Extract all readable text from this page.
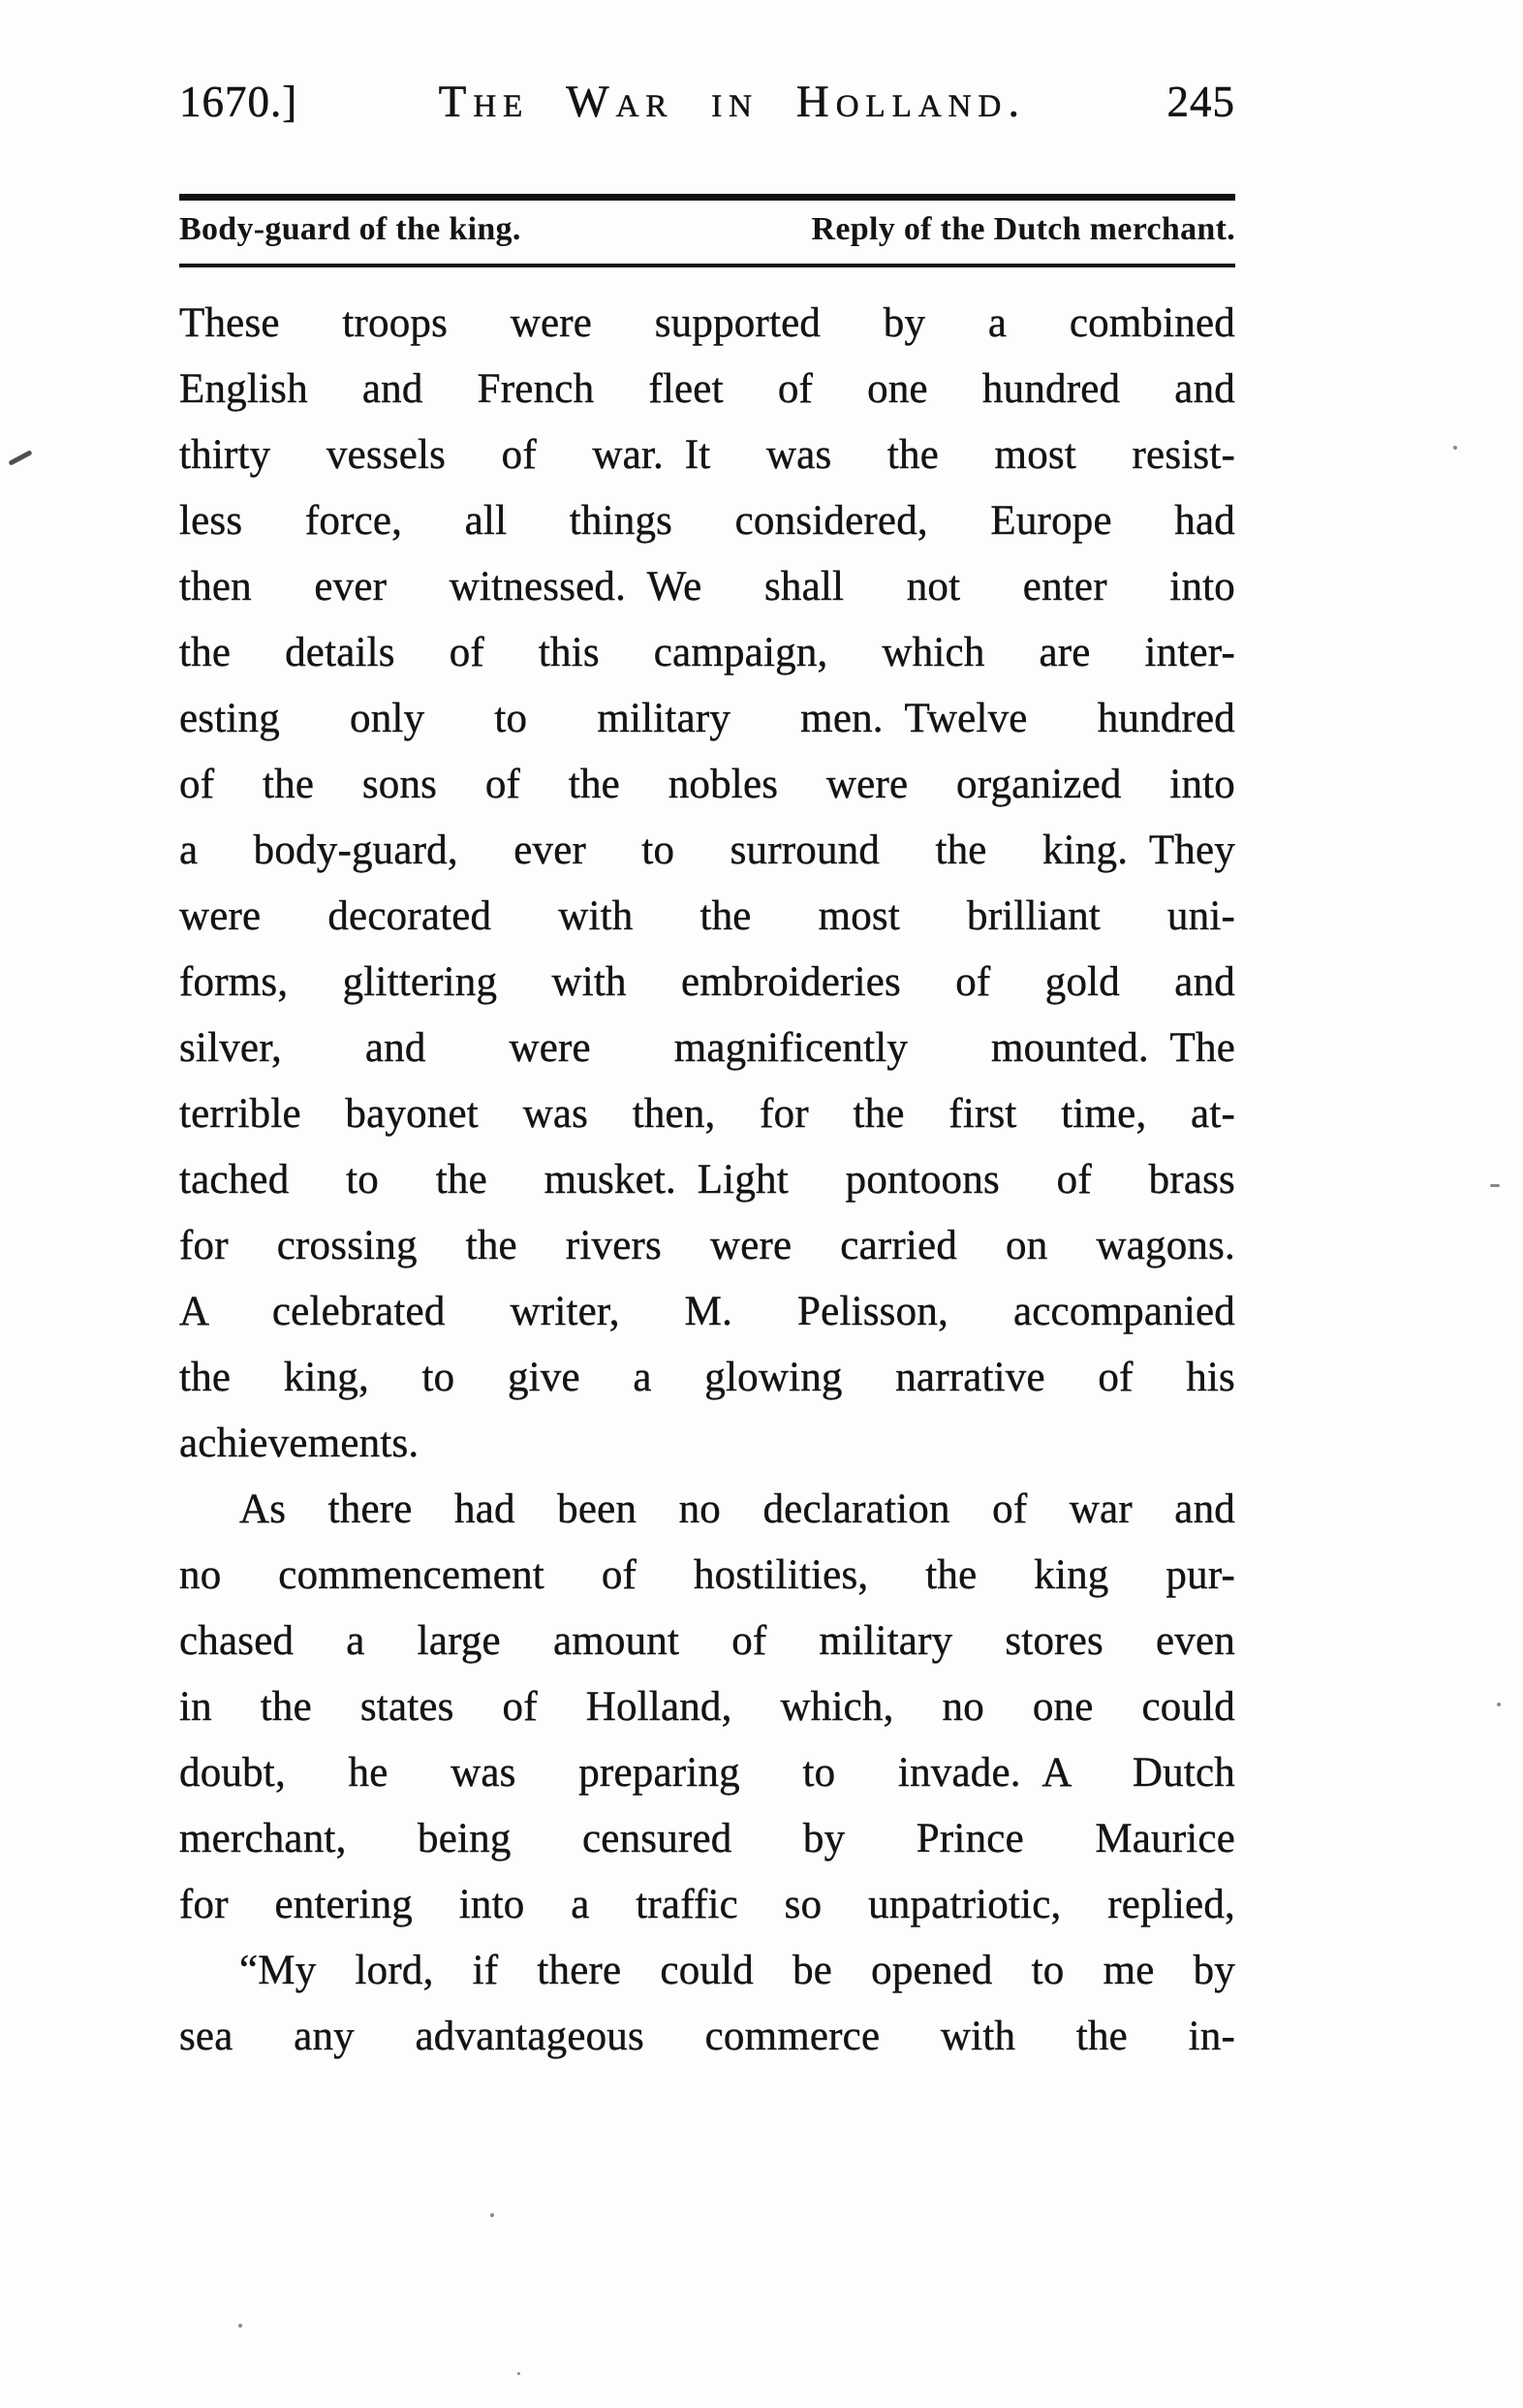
1670.]	The War in Holland.	245
Body-guard of the king.	Reply of the Dutch merchant.
These troops were supported by a combined
English and French fleet of one hundred and
thirty vessels of war. It was the most resist-
less force, all things considered, Europe had
then ever witnessed. We shall not enter into
the details of this campaign, which are inter-
esting only to military men. Twelve hundred
of the sons of the nobles were organized into
a body-guard, ever to surround the king. They
were decorated with the most brilliant uni-
forms, glittering with embroideries of gold and
silver, and were magnificently mounted. The
terrible bayonet was then, for the first time, at-
tached to the musket. Light pontoons of brass
for crossing the rivers were carried on wagons.
A celebrated writer, M. Pelisson, accompanied
the king, to give a glowing narrative of his
achievements.
As there had been no declaration of war and
no commencement of hostilities, the king pur-
chased a large amount of military stores even
in the states of Holland, which, no one could
doubt, he was preparing to invade. A Dutch
merchant, being censured by Prince Maurice
for entering into a traffic so unpatriotic, replied,
“My lord, if there could be opened to me by
sea any advantageous commerce with the in-
